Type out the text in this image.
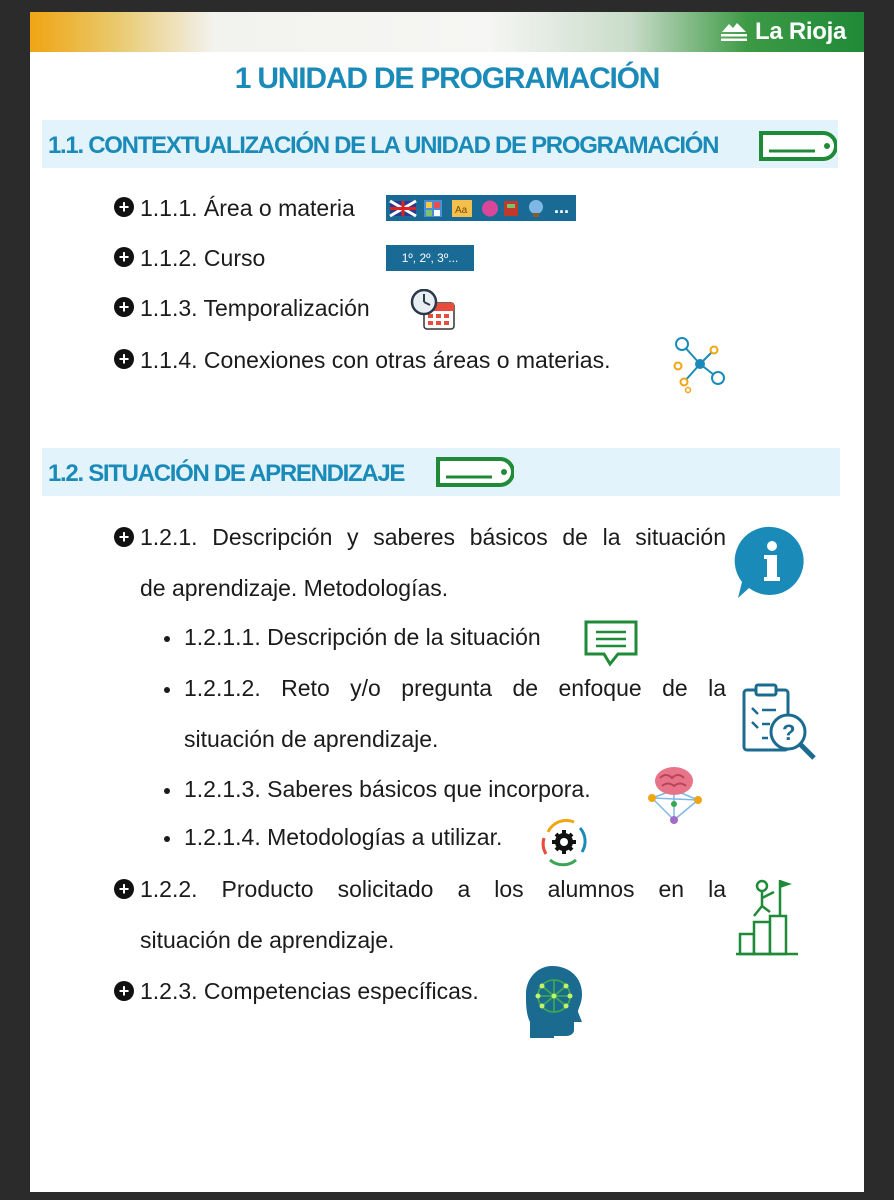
La Rioja
1 UNIDAD DE PROGRAMACIÓN
1.1. CONTEXTUALIZACIÓN DE LA UNIDAD DE PROGRAMACIÓN
+ 1.1.1. Área o materia	Aa	...
+ 1.1.2. Curso	1º, 2º, 3º...
+ 1.1.3. Temporalización
+ 1.1.4. Conexiones con otras áreas o materias.
1.2. SITUACIÓN DE APRENDIZAJE
+ 1.2.1. Descripción y saberes básicos de la situación
de aprendizaje. Metodologías.
1.2.1.1. Descripción de la situación
1.2.1.2. Reto y/o pregunta de enfoque de la
situación de aprendizaje.	?
1.2.1.3. Saberes básicos que incorpora.
1.2.1.4. Metodologías a utilizar.
+ 1.2.2. Producto solicitado a los alumnos en la
situación de aprendizaje.
+ 1.2.3. Competencias específicas.
